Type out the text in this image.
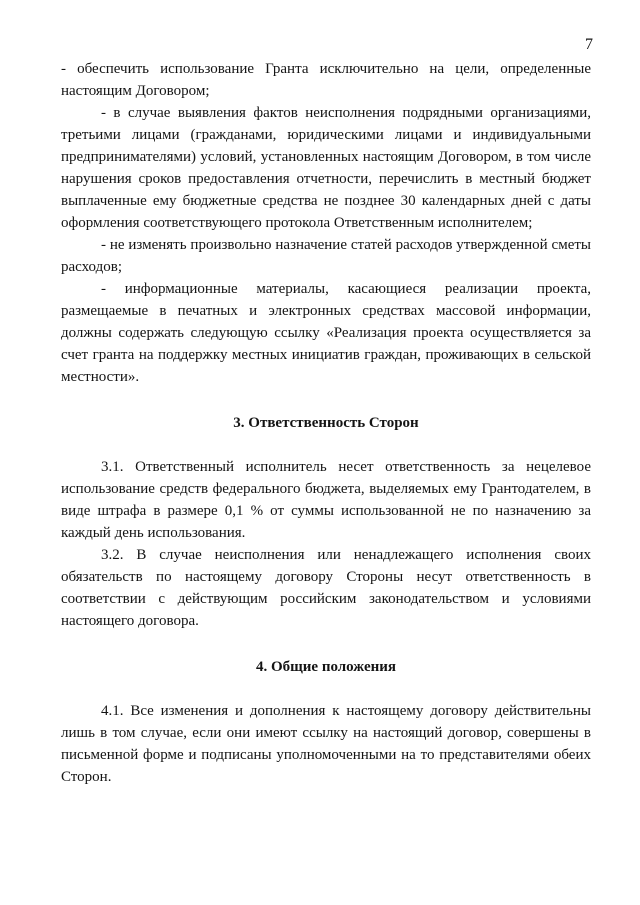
7

- обеспечить использование Гранта исключительно на цели, определенные настоящим Договором;

- в случае выявления фактов неисполнения подрядными организациями, третьими лицами (гражданами, юридическими лицами и индивидуальными предпринимателями) условий, установленных настоящим Договором, в том числе нарушения сроков предоставления отчетности, перечислить в местный бюджет выплаченные ему бюджетные средства не позднее 30 календарных дней с даты оформления соответствующего протокола Ответственным исполнителем;

- не изменять произвольно назначение статей расходов утвержденной сметы расходов;

- информационные материалы, касающиеся реализации проекта, размещаемые в печатных и электронных средствах массовой информации, должны содержать следующую ссылку «Реализация проекта осуществляется за счет гранта на поддержку местных инициатив граждан, проживающих в сельской местности».

3. Ответственность Сторон

3.1. Ответственный исполнитель несет ответственность за нецелевое использование средств федерального бюджета, выделяемых ему Грантодателем, в виде штрафа в размере 0,1 % от суммы использованной не по назначению за каждый день использования.

3.2. В случае неисполнения или ненадлежащего исполнения своих обязательств по настоящему договору Стороны несут ответственность в соответствии с действующим российским законодательством и условиями настоящего договора.

4. Общие положения

4.1. Все изменения и дополнения к настоящему договору действительны лишь в том случае, если они имеют ссылку на настоящий договор, совершены в письменной форме и подписаны уполномоченными на то представителями обеих Сторон.
